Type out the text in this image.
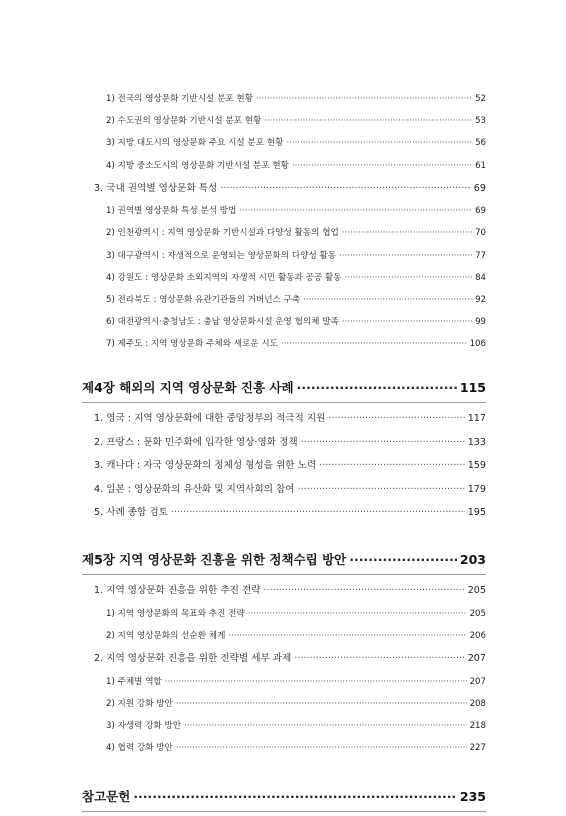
1) 전국의 영상문화 기반시설 분포 현황 ·····	52
2) 수도권의 영상문화 기반시설 분포 현황 ·····	53
3) 지방 대도시의 영상문화 주요 시설 분포 현황 ·····	56
4) 지방 중소도시의 영상문화 기반시설 분포 현황 ·····	61
3. 국내 권역별 영상문화 특성 ·····	69
1) 권역별 영상문화 특성 분석 방법 ·····	69
2) 인천광역시 : 지역 영상문화 기반시설과 다양성 활동의 협업 ·····	70
3) 대구광역시 : 자생적으로 운영되는 영상문화의 다양성 활동 ·····	77
4) 강원도 : 영상문화 소외지역의 자생적 시민 활동과 공공 활동 ·····	84
5) 전라북도 : 영상문화 유관기관들의 거버넌스 구축 ·····	92
6) 대전광역시·충청남도 : 충남 영상문화시설 운영 협의체 발족 ·····	99
7) 제주도 : 지역 영상문화 주체와 새로운 시도 ·····	106
제4장 해외의 지역 영상문화 진흥 사례 ·····	115
1. 영국 : 지역 영상문화에 대한 중앙정부의 적극적 지원 ·····	117
2. 프랑스 : 문화 민주화에 입각한 영상·영화 정책 ·····	133
3. 캐나다 : 자국 영상문화의 정체성 형성을 위한 노력 ·····	159
4. 일본 : 영상문화의 유산화 및 지역사회의 참여 ·····	179
5. 사례 종합 검토 ·····	195
제5장 지역 영상문화 진흥을 위한 정책수립 방안 ·····	203
1. 지역 영상문화 진흥을 위한 추진 전략 ·····	205
1) 지역 영상문화의 목표와 추진 전략 ·····	205
2) 지역 영상문화의 선순환 체계 ·····	206
2. 지역 영상문화 진흥을 위한 전략별 세부 과제 ·····	207
1) 주체별 역할 ·····	207
2) 지원 강화 방안 ·····	208
3) 자생력 강화 방안 ·····	218
4) 협력 강화 방안 ·····	227
참고문헌 ·····	235
